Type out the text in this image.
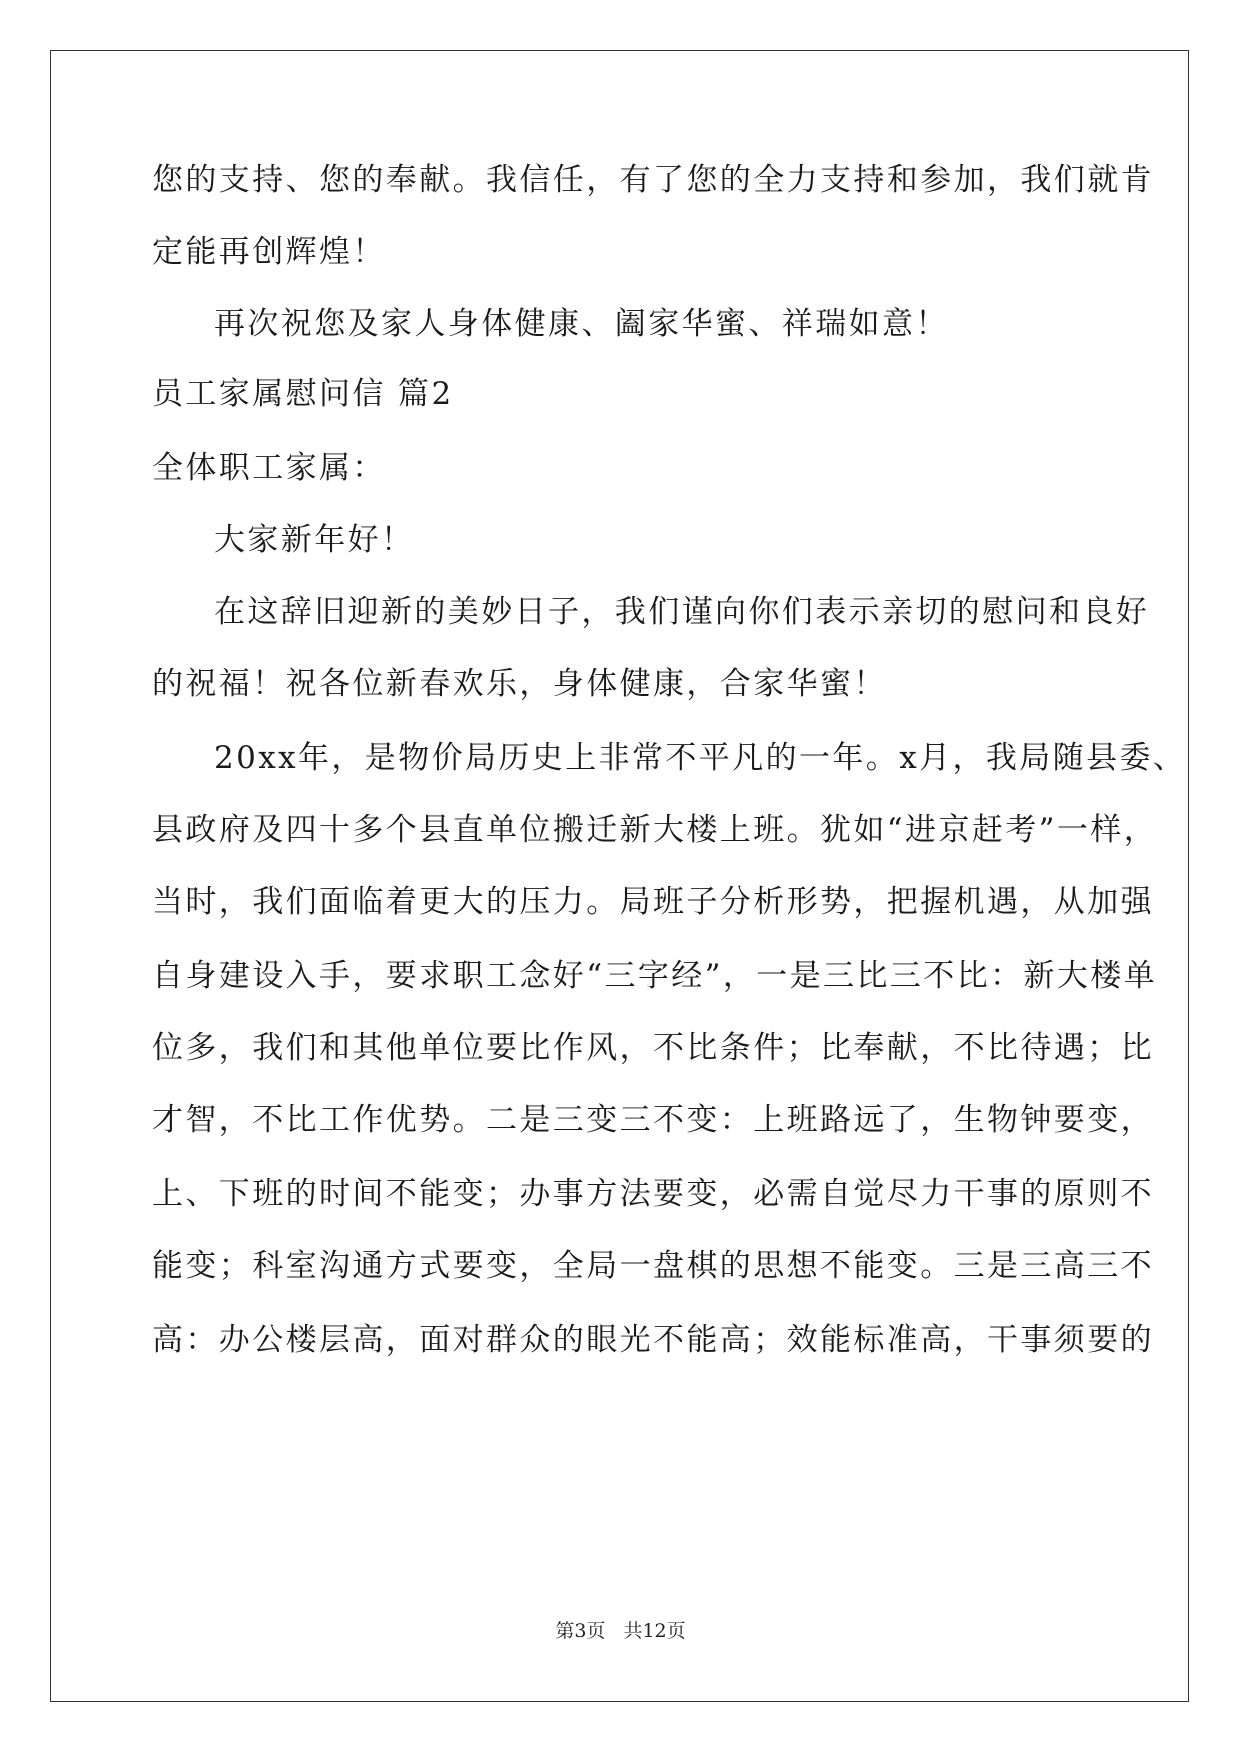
您的支持、您的奉献。我信任，有了您的全力支持和参加，我们就肯

定能再创辉煌！

再次祝您及家人身体健康、阖家华蜜、祥瑞如意！

员工家属慰问信 篇2

全体职工家属：

大家新年好！

在这辞旧迎新的美妙日子，我们谨向你们表示亲切的慰问和良好

的祝福！祝各位新春欢乐，身体健康，合家华蜜！

20xx年，是物价局历史上非常不平凡的一年。x月，我局随县委、

县政府及四十多个县直单位搬迁新大楼上班。犹如“进京赶考”一样，

当时，我们面临着更大的压力。局班子分析形势，把握机遇，从加强

自身建设入手，要求职工念好“三字经”，一是三比三不比：新大楼单

位多，我们和其他单位要比作风，不比条件；比奉献，不比待遇；比

才智，不比工作优势。二是三变三不变：上班路远了，生物钟要变，

上、下班的时间不能变；办事方法要变，必需自觉尽力干事的原则不

能变；科室沟通方式要变，全局一盘棋的思想不能变。三是三高三不

高：办公楼层高，面对群众的眼光不能高；效能标准高，干事须要的

第3页 共12页
